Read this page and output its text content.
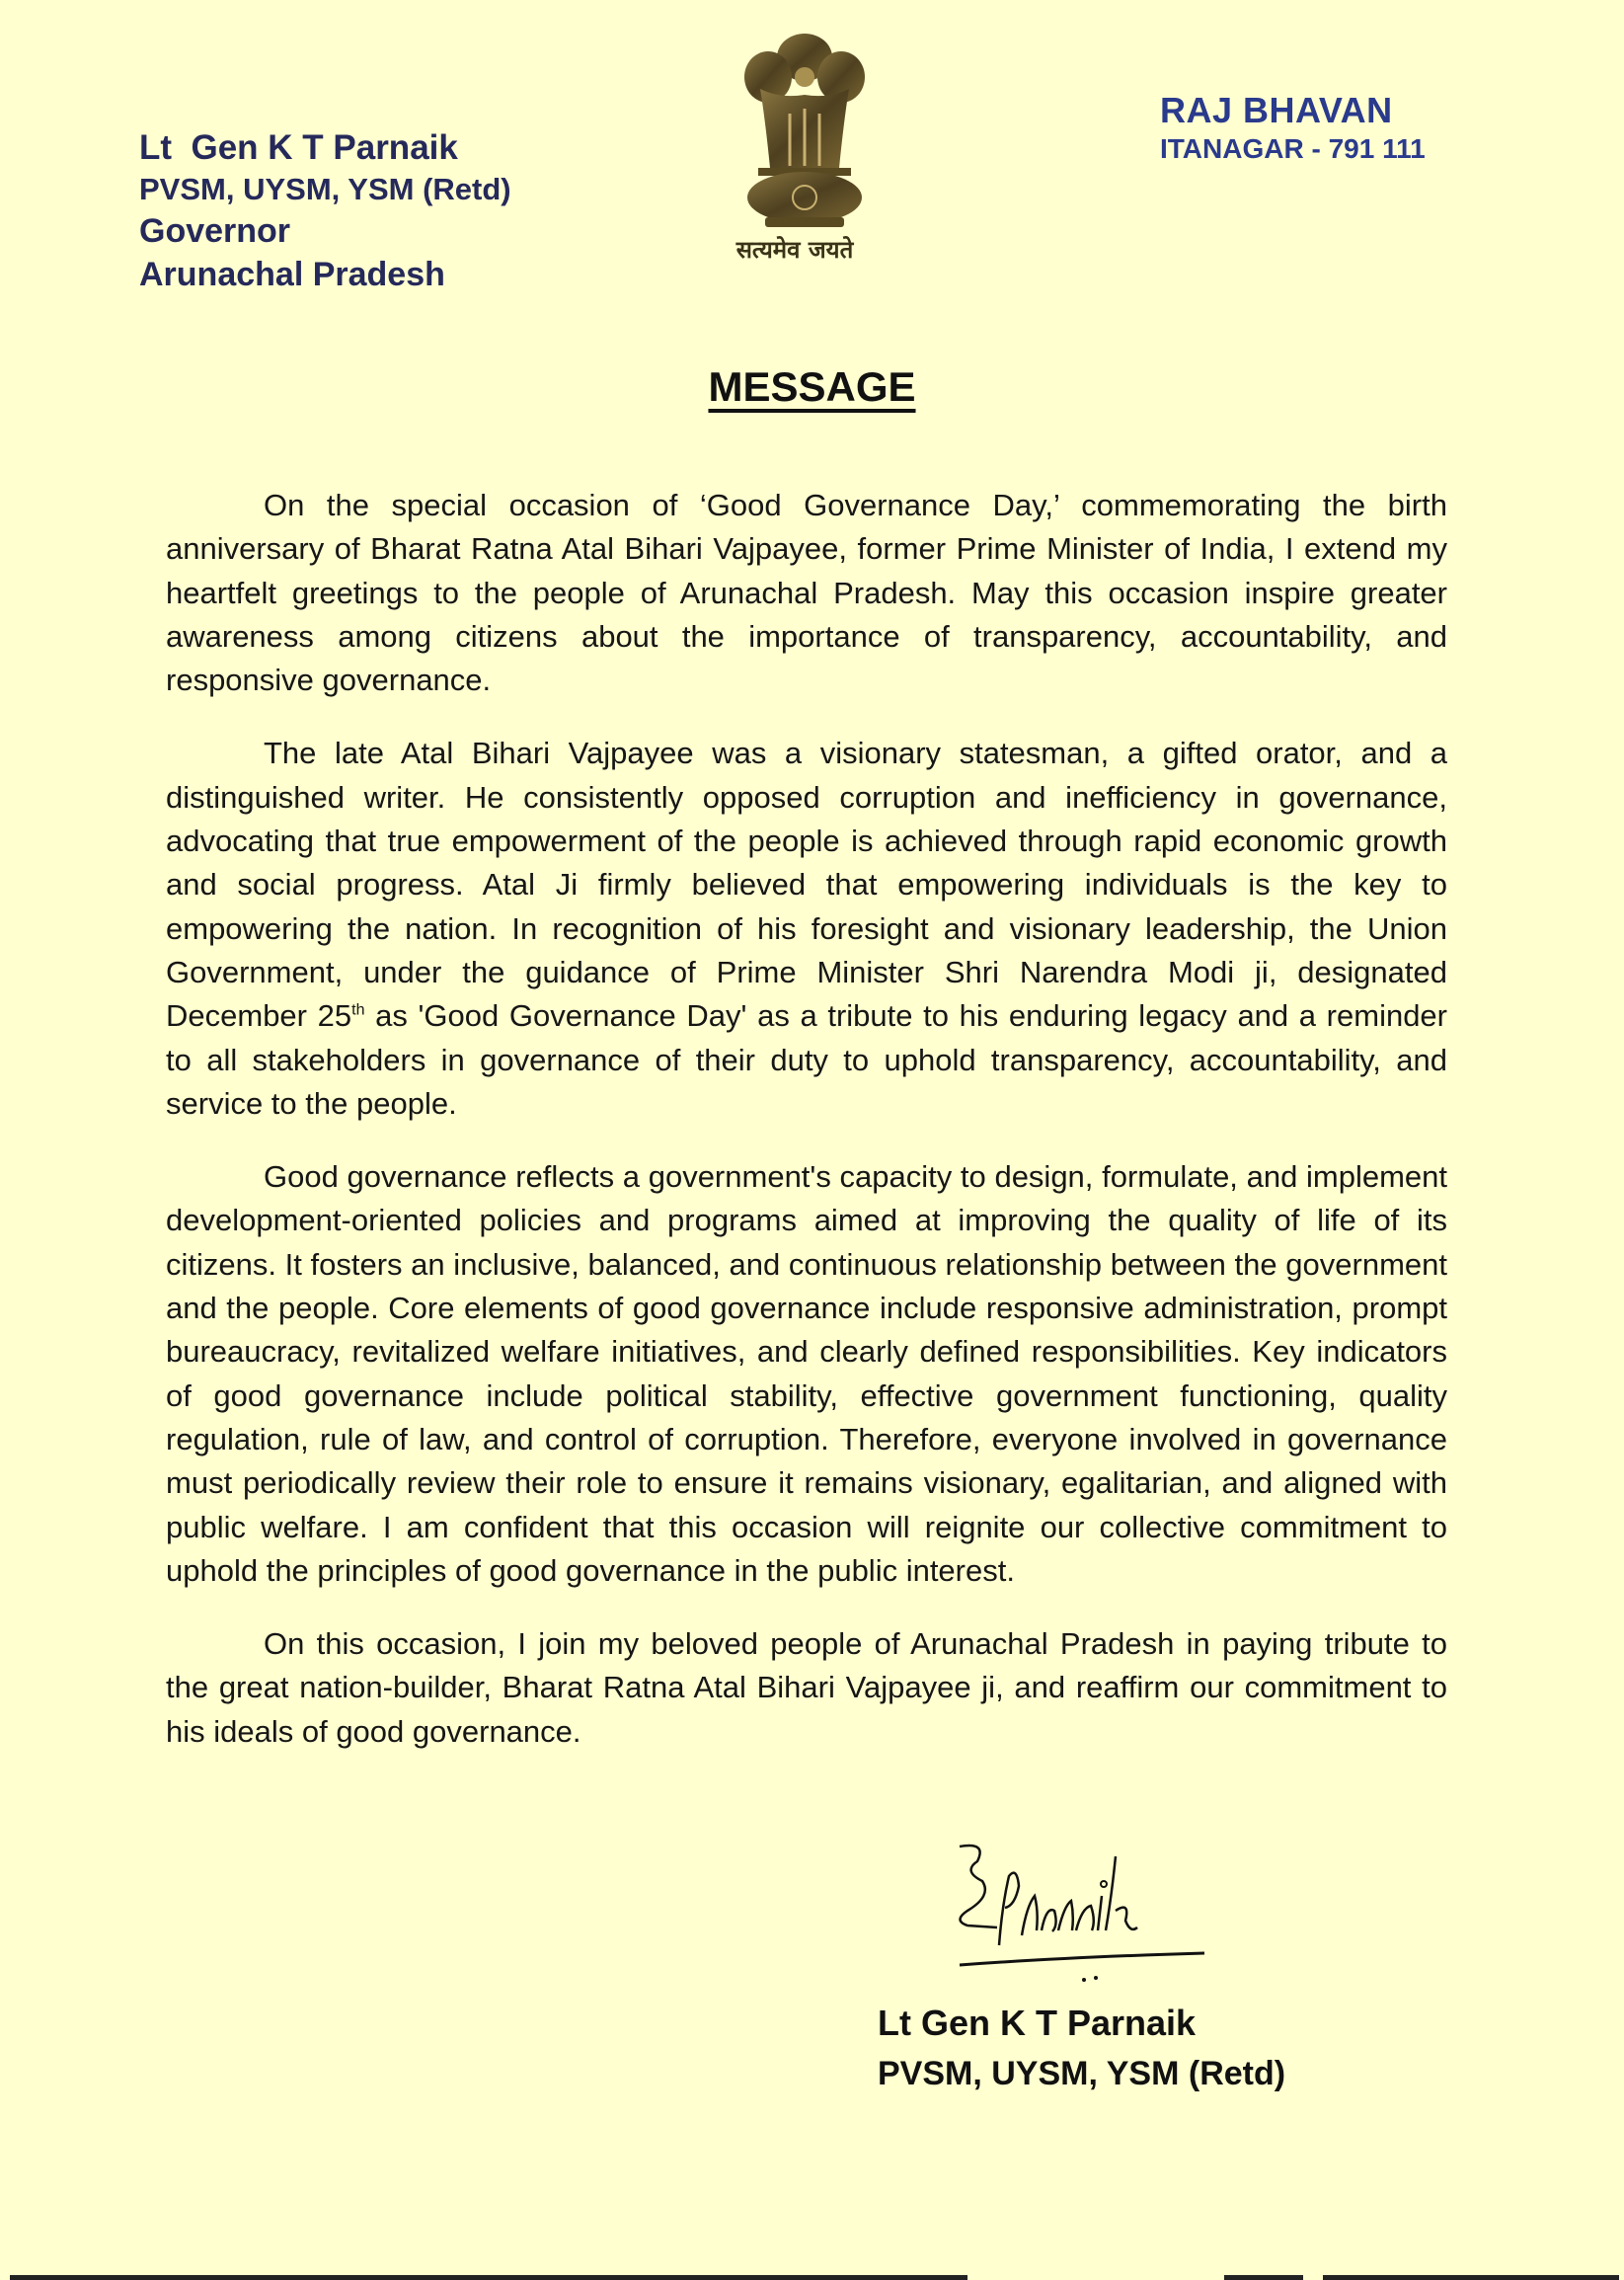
Lt  Gen K T Parnaik
PVSM, UYSM, YSM (Retd)
Governor
Arunachal Pradesh
सत्यमेव जयते
RAJ BHAVAN
ITANAGAR - 791 111
MESSAGE

On the special occasion of ‘Good Governance Day,’ commemorating the birth anniversary of Bharat Ratna Atal Bihari Vajpayee, former Prime Minister of India, I extend my heartfelt greetings to the people of Arunachal Pradesh. May this occasion inspire greater awareness among citizens about the importance of transparency, accountability, and responsive governance.

The late Atal Bihari Vajpayee was a visionary statesman, a gifted orator, and a distinguished writer. He consistently opposed corruption and inefficiency in governance, advocating that true empowerment of the people is achieved through rapid economic growth and social progress. Atal Ji firmly believed that empowering individuals is the key to empowering the nation. In recognition of his foresight and visionary leadership, the Union Government, under the guidance of Prime Minister Shri Narendra Modi ji, designated December 25th as 'Good Governance Day' as a tribute to his enduring legacy and a reminder to all stakeholders in governance of their duty to uphold transparency, accountability, and service to the people.

Good governance reflects a government's capacity to design, formulate, and implement development-oriented policies and programs aimed at improving the quality of life of its citizens. It fosters an inclusive, balanced, and continuous relationship between the government and the people. Core elements of good governance include responsive administration, prompt bureaucracy, revitalized welfare initiatives, and clearly defined responsibilities. Key indicators of good governance include political stability, effective government functioning, quality regulation, rule of law, and control of corruption. Therefore, everyone involved in governance must periodically review their role to ensure it remains visionary, egalitarian, and aligned with public welfare. I am confident that this occasion will reignite our collective commitment to uphold the principles of good governance in the public interest.

On this occasion, I join my beloved people of Arunachal Pradesh in paying tribute to the great nation-builder, Bharat Ratna Atal Bihari Vajpayee ji, and reaffirm our commitment to his ideals of good governance.

Lt Gen K T Parnaik
PVSM, UYSM, YSM (Retd)
